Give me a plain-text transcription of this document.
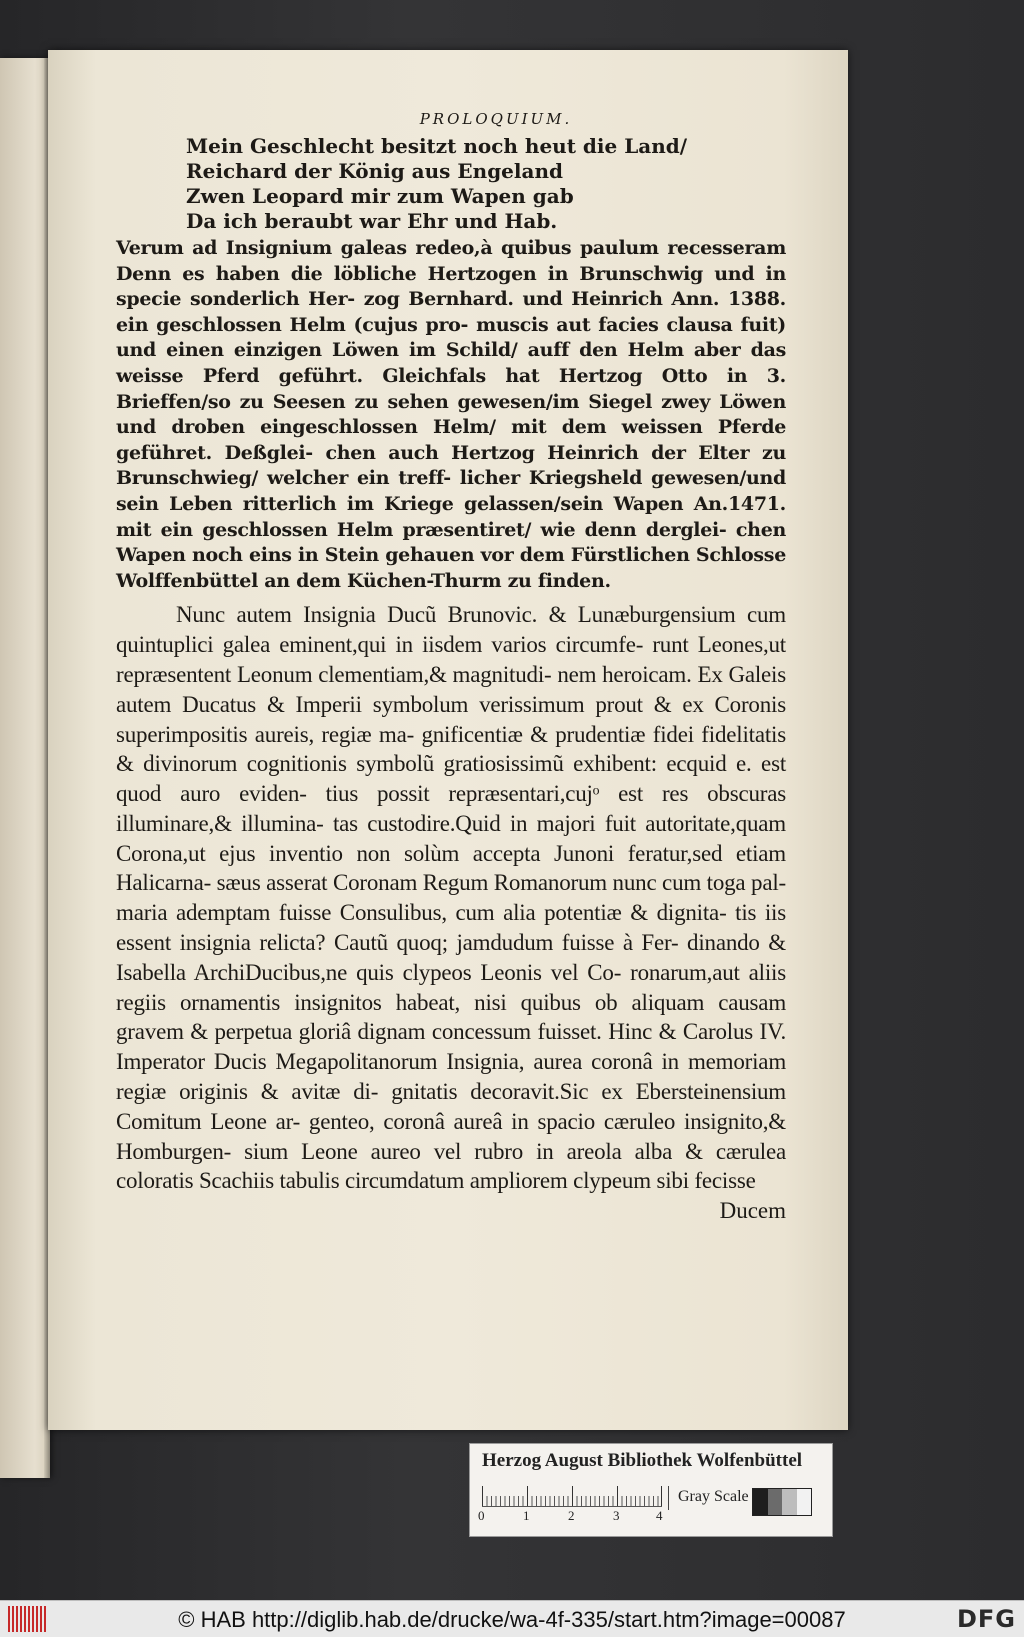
PROLOQUIUM.
Mein Geschlecht besitzt noch heut die Land/
Reichard der König aus Engeland
Zwen Leopard mir zum Wapen gab
Da ich beraubt war Ehr und Hab.
Verum ad Insignium galeas redeo,à quibus paulum recesseram Denn es haben die löbliche Hertzogen in Brunschwig und in specie sonderlich Her- zog Bernhard. und Heinrich Ann. 1388. ein geschlossen Helm (cujus pro- muscis aut facies clausa fuit) und einen einzigen Löwen im Schild/ auff den Helm aber das weisse Pferd geführt. Gleichfals hat Hertzog Otto in 3. Brieffen/so zu Seesen zu sehen gewesen/im Siegel zwey Löwen und droben eingeschlossen Helm/ mit dem weissen Pferde geführet. Deßglei- chen auch Hertzog Heinrich der Elter zu Brunschwieg/ welcher ein treff- licher Kriegsheld gewesen/und sein Leben ritterlich im Kriege gelassen/sein Wapen An.1471. mit ein geschlossen Helm præsentiret/ wie denn derglei- chen Wapen noch eins in Stein gehauen vor dem Fürstlichen Schlosse Wolffenbüttel an dem Küchen-Thurm zu finden.
Nunc autem Insignia Ducũ Brunovic. & Lunæburgensium cum quintuplici galea eminent,qui in iisdem varios circumfe- runt Leones,ut repræsentent Leonum clementiam,& magnitudi- nem heroicam. Ex Galeis autem Ducatus & Imperii symbolum verissimum prout & ex Coronis superimpositis aureis, regiæ ma- gnificentiæ & prudentiæ fidei fidelitatis & divinorum cognitionis symbolũ gratiosissimũ exhibent: ecquid e. est quod auro eviden- tius possit repræsentari,cujᵒ est res obscuras illuminare,& illumina- tas custodire.Quid in majori fuit autoritate,quam Corona,ut ejus inventio non solùm accepta Junoni feratur,sed etiam Halicarna- sæus asserat Coronam Regum Romanorum nunc cum toga pal- maria ademptam fuisse Consulibus, cum alia potentiæ & dignita- tis iis essent insignia relicta? Cautũ quoq; jamdudum fuisse à Fer- dinando & Isabella ArchiDucibus,ne quis clypeos Leonis vel Co- ronarum,aut aliis regiis ornamentis insignitos habeat, nisi quibus ob aliquam causam gravem & perpetua gloriâ dignam concessum fuisset. Hinc & Carolus IV. Imperator Ducis Megapolitanorum Insignia, aurea coronâ in memoriam regiæ originis & avitæ di- gnitatis decoravit.Sic ex Ebersteinensium Comitum Leone ar- genteo, coronâ aureâ in spacio cæruleo insignito,& Homburgen- sium Leone aureo vel rubro in areola alba & cærulea coloratis Scachiis tabulis circumdatum ampliorem clypeum sibi fecisse
Ducem
Herzog August Bibliothek Wolfenbüttel
0	1	2	3	4
Gray Scale
© HAB http://diglib.hab.de/drucke/wa-4f-335/start.htm?image=00087	DFG
